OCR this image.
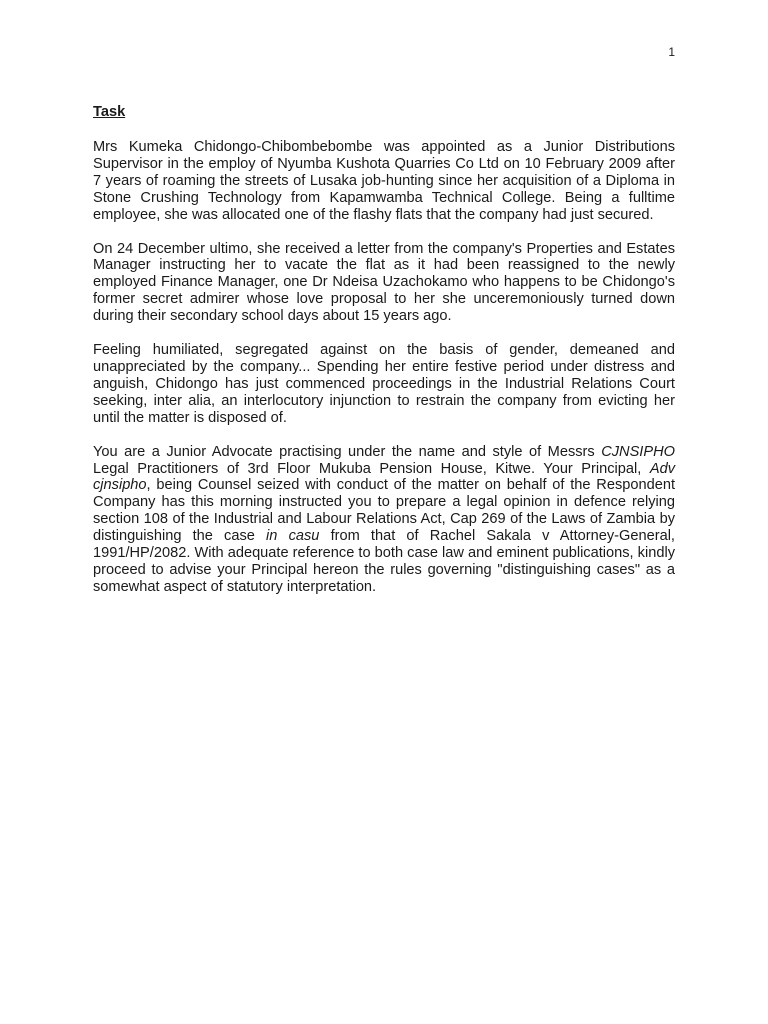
1
Task

Mrs Kumeka Chidongo-Chibombebombe was appointed as a Junior Distributions Supervisor in the employ of Nyumba Kushota Quarries Co Ltd on 10 February 2009 after 7 years of roaming the streets of Lusaka job-hunting since her acquisition of a Diploma in Stone Crushing Technology from Kapamwamba Technical College. Being a fulltime employee, she was allocated one of the flashy flats that the company had just secured.

On 24 December ultimo, she received a letter from the company's Properties and Estates Manager instructing her to vacate the flat as it had been reassigned to the newly employed Finance Manager, one Dr Ndeisa Uzachokamo who happens to be Chidongo's former secret admirer whose love proposal to her she unceremoniously turned down during their secondary school days about 15 years ago.

Feeling humiliated, segregated against on the basis of gender, demeaned and unappreciated by the company... Spending her entire festive period under distress and anguish, Chidongo has just commenced proceedings in the Industrial Relations Court seeking, inter alia, an interlocutory injunction to restrain the company from evicting her until the matter is disposed of.

You are a Junior Advocate practising under the name and style of Messrs CJNSIPHO Legal Practitioners of 3rd Floor Mukuba Pension House, Kitwe. Your Principal, Adv cjnsipho, being Counsel seized with conduct of the matter on behalf of the Respondent Company has this morning instructed you to prepare a legal opinion in defence relying section 108 of the Industrial and Labour Relations Act, Cap 269 of the Laws of Zambia by distinguishing the case in casu from that of Rachel Sakala v Attorney-General, 1991/HP/2082. With adequate reference to both case law and eminent publications, kindly proceed to advise your Principal hereon the rules governing "distinguishing cases" as a somewhat aspect of statutory interpretation.
